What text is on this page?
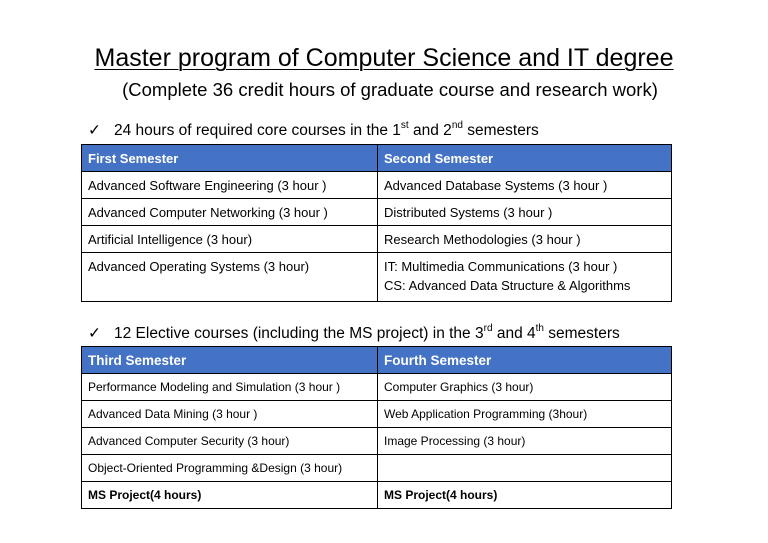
Master program of Computer Science and IT degree
(Complete 36 credit hours of graduate course and research work)
✓ 24 hours of required core courses in the 1st and 2nd semesters
First Semester	Second Semester
Advanced Software Engineering (3 hour )	Advanced Database Systems (3 hour )
Advanced Computer Networking (3 hour )	Distributed Systems (3 hour )
Artificial Intelligence (3 hour)	Research Methodologies (3 hour )

Advanced Operating Systems (3 hour)	IT: Multimedia Communications (3 hour )
CS: Advanced Data Structure & Algorithms
✓ 12 Elective courses (including the MS project) in the 3rd and 4th semesters
Third Semester	Fourth Semester
Performance Modeling and Simulation (3 hour )	Computer Graphics (3 hour)
Advanced Data Mining (3 hour )	Web Application Programming (3hour)
Advanced Computer Security (3 hour)	Image Processing (3 hour)
Object-Oriented Programming &Design (3 hour)	
MS Project(4 hours)	MS Project(4 hours)
